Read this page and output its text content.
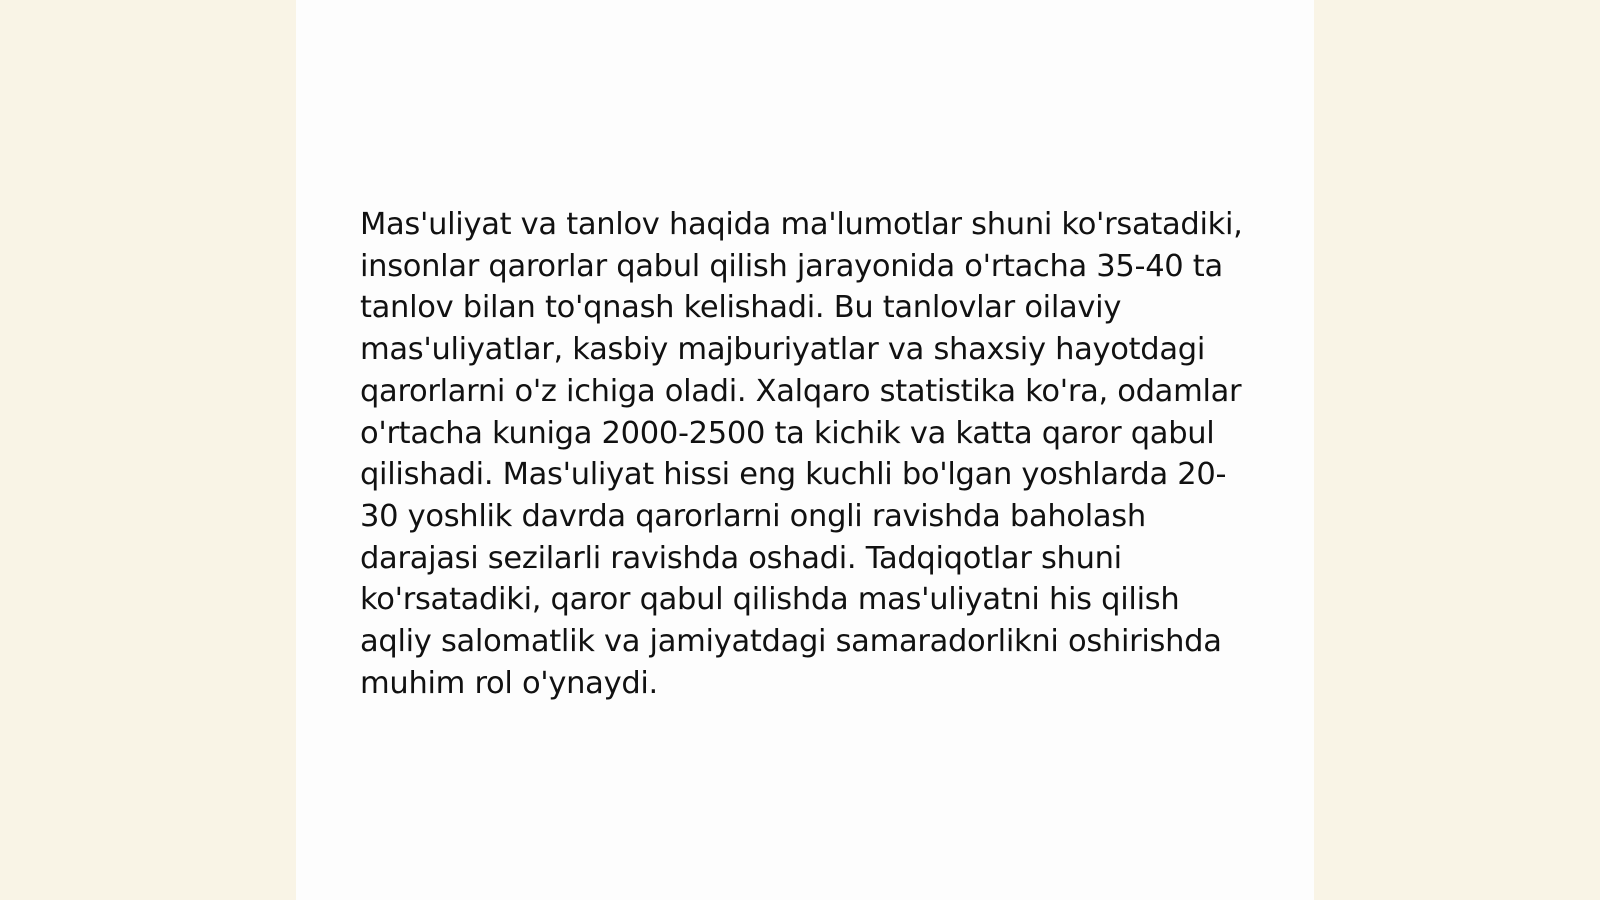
Mas'uliyat va tanlov haqida ma'lumotlar shuni ko'rsatadiki, insonlar qarorlar qabul qilish jarayonida o'rtacha 35-40 ta tanlov bilan to'qnash kelishadi. Bu tanlovlar oilaviy mas'uliyatlar, kasbiy majburiyatlar va shaxsiy hayotdagi qarorlarni o'z ichiga oladi. Xalqaro statistika ko'ra, odamlar o'rtacha kuniga 2000-2500 ta kichik va katta qaror qabul qilishadi. Mas'uliyat hissi eng kuchli bo'lgan yoshlarda 20-30 yoshlik davrda qarorlarni ongli ravishda baholash darajasi sezilarli ravishda oshadi. Tadqiqotlar shuni ko'rsatadiki, qaror qabul qilishda mas'uliyatni his qilish aqliy salomatlik va jamiyatdagi samaradorlikni oshirishda muhim rol o'ynaydi.
